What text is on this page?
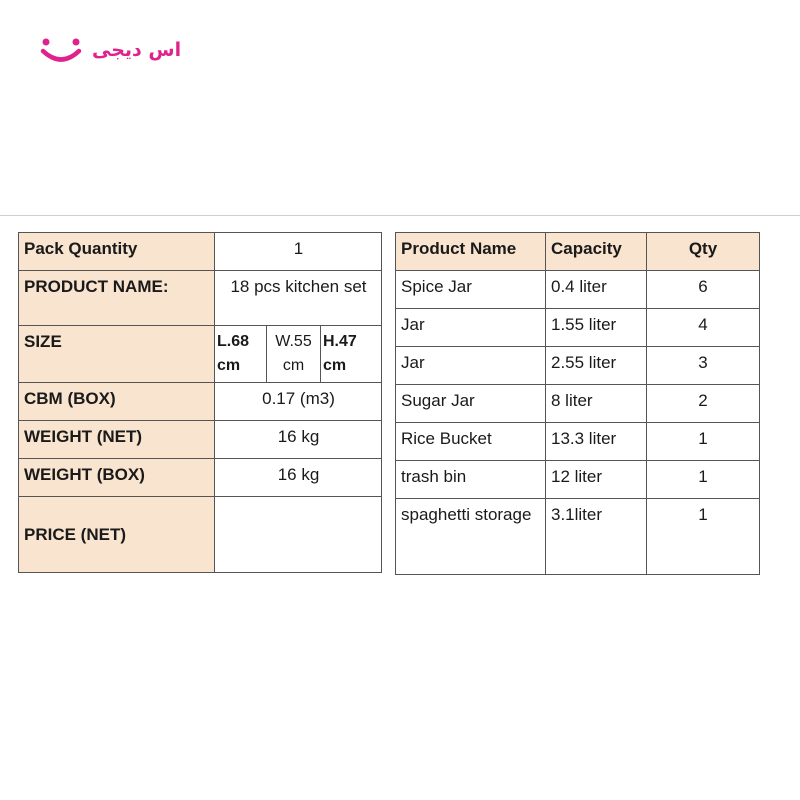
اس دیجی
Pack Quantity	1		
PRODUCT NAME:	18 pcs kitchen set		
SIZE	L.68 cm	W.55 cm	H.47 cm
CBM (BOX)	0.17 (m3)		
WEIGHT (NET)	16 kg		
WEIGHT (BOX)	16 kg		
PRICE (NET)			
Product Name	Capacity	Qty
Spice Jar	0.4 liter	6
Jar	1.55 liter	4
Jar	2.55 liter	3
Sugar Jar	8 liter	2
Rice Bucket	13.3 liter	1
trash bin	12 liter	1
spaghetti storage	3.1liter	1
